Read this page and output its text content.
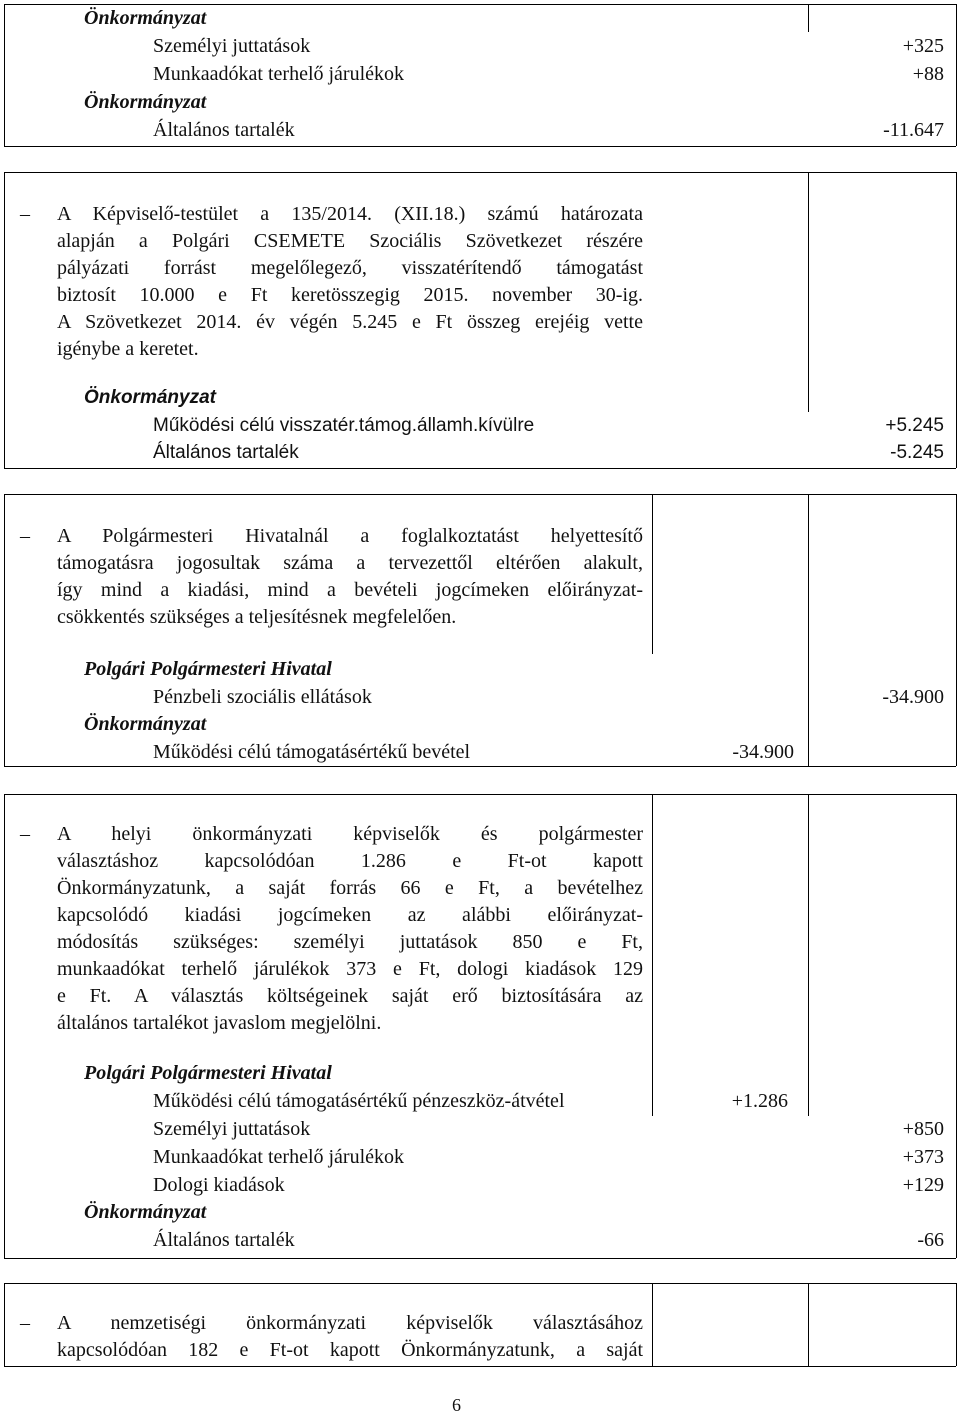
Önkormányzat
Személyi juttatások	+325
Munkaadókat terhelő járulékok	+88
Önkormányzat
Általános tartalék	-11.647
– A Képviselő-testület a 135/2014. (XII.18.) számú határozata
alapján a Polgári CSEMETE Szociális Szövetkezet részére
pályázati forrást megelőlegező, visszatérítendő támogatást
biztosít 10.000 e Ft keretösszegig 2015. november 30-ig.
A Szövetkezet 2014. év végén 5.245 e Ft összeg erejéig vette
igénybe a keretet.
Önkormányzat
Működési célú visszatér.támog.államh.kívülre	+5.245
Általános tartalék	-5.245
– A Polgármesteri Hivatalnál a foglalkoztatást helyettesítő
támogatásra jogosultak száma a tervezettől eltérően alakult,
így mind a kiadási, mind a bevételi jogcímeken előirányzat-
csökkentés szükséges a teljesítésnek megfelelően.
Polgári Polgármesteri Hivatal
Pénzbeli szociális ellátások	-34.900
Önkormányzat
Működési célú támogatásértékű bevétel	-34.900
– A helyi önkormányzati képviselők és polgármester
választáshoz kapcsolódóan 1.286 e Ft-ot kapott
Önkormányzatunk, a saját forrás 66 e Ft, a bevételhez
kapcsolódó kiadási jogcímeken az alábbi előirányzat-
módosítás szükséges: személyi juttatások 850 e Ft,
munkaadókat terhelő járulékok 373 e Ft, dologi kiadások 129
e Ft. A választás költségeinek saját erő biztosítására az
általános tartalékot javaslom megjelölni.
Polgári Polgármesteri Hivatal
Működési célú támogatásértékű pénzeszköz-átvétel	+1.286
Személyi juttatások	+850
Munkaadókat terhelő járulékok	+373
Dologi kiadások	+129
Önkormányzat
Általános tartalék	-66
– A nemzetiségi önkormányzati képviselők választásához
kapcsolódóan 182 e Ft-ot kapott Önkormányzatunk, a saját
6
